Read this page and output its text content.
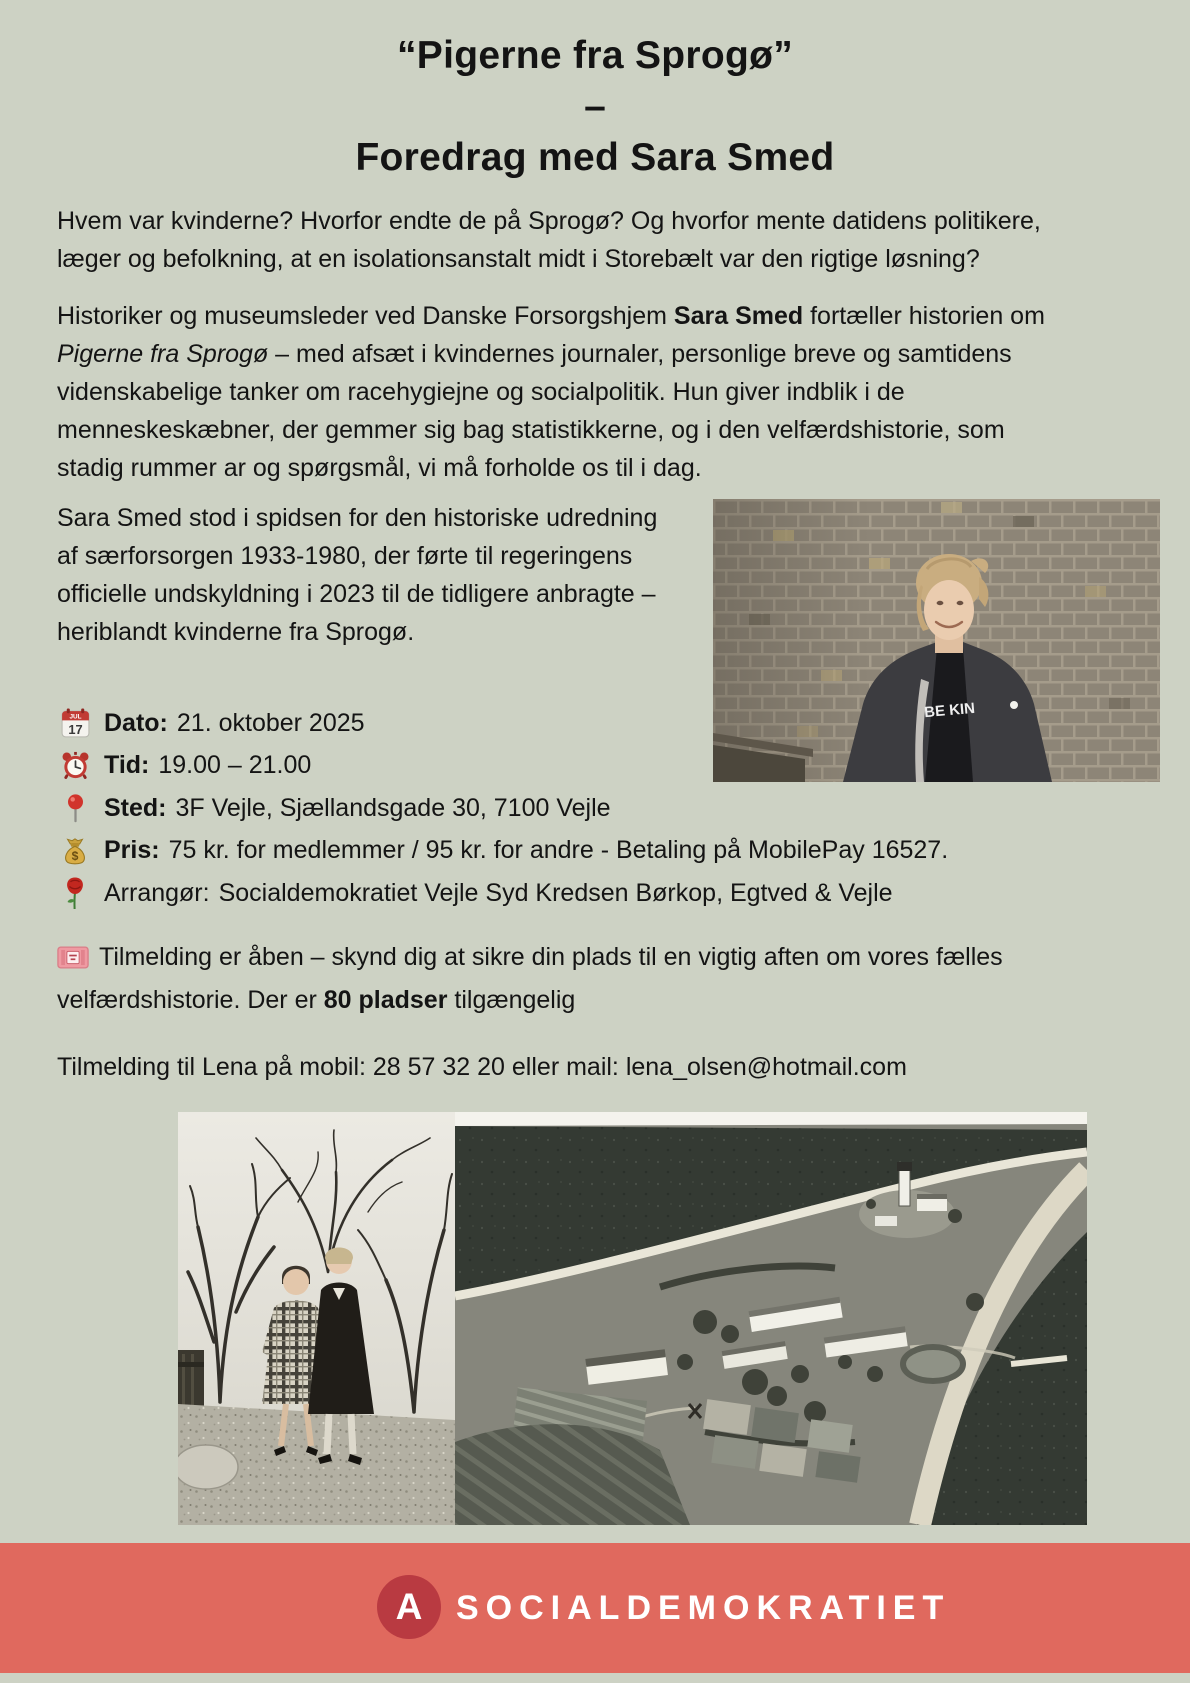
“Pigerne fra Sprogø”
–
Foredrag med Sara Smed

Hvem var kvinderne? Hvorfor endte de på Sprogø? Og hvorfor mente datidens politikere, læger og befolkning, at en isolationsanstalt midt i Storebælt var den rigtige løsning?

Historiker og museumsleder ved Danske Forsorgshjem Sara Smed fortæller historien om Pigerne fra Sprogø – med afsæt i kvindernes journaler, personlige breve og samtidens videnskabelige tanker om racehygiejne og socialpolitik. Hun giver indblik i de menneskeskæbner, der gemmer sig bag statistikkerne, og i den velfærdshistorie, som stadig rummer ar og spørgsmål, vi må forholde os til i dag.

Sara Smed stod i spidsen for den historiske udredning af særforsorgen 1933-1980, der førte til regeringens officielle undskyldning i 2023 til de tidligere anbragte – heriblandt kvinderne fra Sprogø.

BE KIN
JUL
17 Dato: 21. oktober 2025
Tid: 19.00 – 21.00
Sted: 3F Vejle, Sjællandsgade 30, 7100 Vejle
$ Pris: 75 kr. for medlemmer / 95 kr. for andre - Betaling på MobilePay 16527.
Arrangør: Socialdemokratiet Vejle Syd Kredsen Børkop, Egtved & Vejle

Tilmelding er åben – skynd dig at sikre din plads til en vigtig aften om vores fælles velfærdshistorie. Der er 80 pladser tilgængelig

Tilmelding til Lena på mobil: 28 57 32 20 eller mail: lena_olsen@hotmail.com

A SOCIALDEMOKRATIET
